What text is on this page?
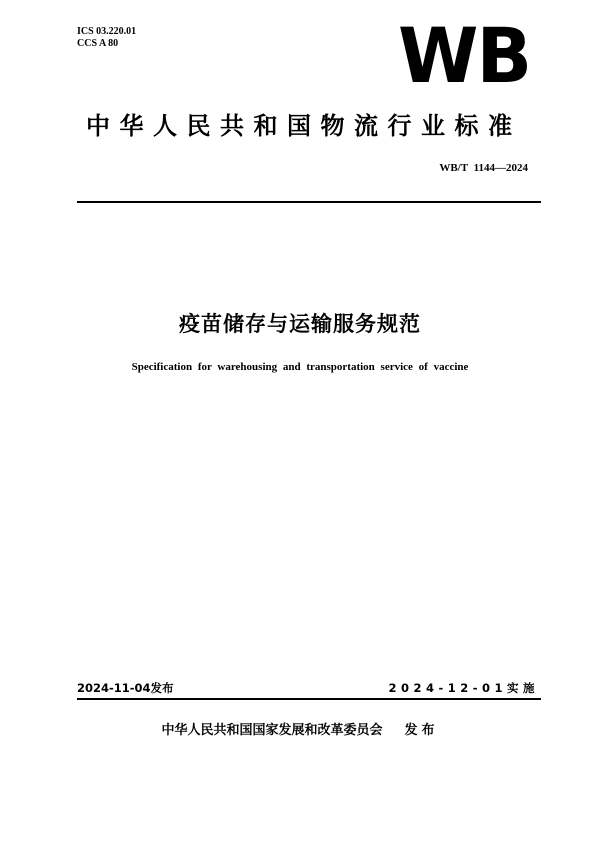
ICS 03.220.01
CCS A 80	WB
中华人民共和国物流行业标准
WB/T 1144—2024
疫苗储存与运输服务规范
Specification for warehousing and transportation service of vaccine
2024-11-04发布	2024-12-01实施
中华人民共和国国家发展和改革委员会 发布
